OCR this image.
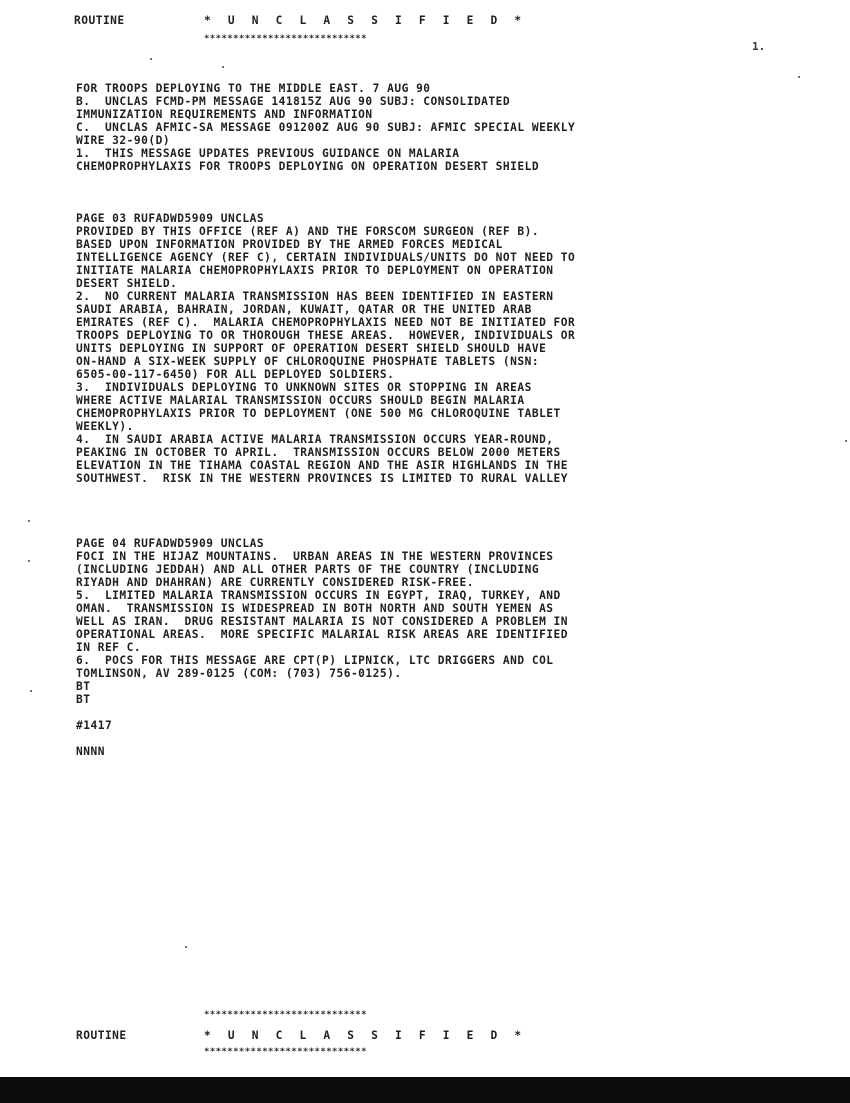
ROUTINE	* U N C L A S S I F I E D *
****************************
1.
FOR TROOPS DEPLOYING TO THE MIDDLE EAST. 7 AUG 90
B.  UNCLAS FCMD-PM MESSAGE 141815Z AUG 90 SUBJ: CONSOLIDATED
IMMUNIZATION REQUIREMENTS AND INFORMATION
C.  UNCLAS AFMIC-SA MESSAGE 091200Z AUG 90 SUBJ: AFMIC SPECIAL WEEKLY
WIRE 32-90(D)
1.  THIS MESSAGE UPDATES PREVIOUS GUIDANCE ON MALARIA
CHEMOPROPHYLAXIS FOR TROOPS DEPLOYING ON OPERATION DESERT SHIELD
PAGE 03 RUFADWD5909 UNCLAS
PROVIDED BY THIS OFFICE (REF A) AND THE FORSCOM SURGEON (REF B).
BASED UPON INFORMATION PROVIDED BY THE ARMED FORCES MEDICAL
INTELLIGENCE AGENCY (REF C), CERTAIN INDIVIDUALS/UNITS DO NOT NEED TO
INITIATE MALARIA CHEMOPROPHYLAXIS PRIOR TO DEPLOYMENT ON OPERATION
DESERT SHIELD.
2.  NO CURRENT MALARIA TRANSMISSION HAS BEEN IDENTIFIED IN EASTERN
SAUDI ARABIA, BAHRAIN, JORDAN, KUWAIT, QATAR OR THE UNITED ARAB
EMIRATES (REF C).  MALARIA CHEMOPROPHYLAXIS NEED NOT BE INITIATED FOR
TROOPS DEPLOYING TO OR THOROUGH THESE AREAS.  HOWEVER, INDIVIDUALS OR
UNITS DEPLOYING IN SUPPORT OF OPERATION DESERT SHIELD SHOULD HAVE
ON-HAND A SIX-WEEK SUPPLY OF CHLOROQUINE PHOSPHATE TABLETS (NSN:
6505-00-117-6450) FOR ALL DEPLOYED SOLDIERS.
3.  INDIVIDUALS DEPLOYING TO UNKNOWN SITES OR STOPPING IN AREAS
WHERE ACTIVE MALARIAL TRANSMISSION OCCURS SHOULD BEGIN MALARIA
CHEMOPROPHYLAXIS PRIOR TO DEPLOYMENT (ONE 500 MG CHLOROQUINE TABLET
WEEKLY).
4.  IN SAUDI ARABIA ACTIVE MALARIA TRANSMISSION OCCURS YEAR-ROUND,
PEAKING IN OCTOBER TO APRIL.  TRANSMISSION OCCURS BELOW 2000 METERS
ELEVATION IN THE TIHAMA COASTAL REGION AND THE ASIR HIGHLANDS IN THE
SOUTHWEST.  RISK IN THE WESTERN PROVINCES IS LIMITED TO RURAL VALLEY
PAGE 04 RUFADWD5909 UNCLAS
FOCI IN THE HIJAZ MOUNTAINS.  URBAN AREAS IN THE WESTERN PROVINCES
(INCLUDING JEDDAH) AND ALL OTHER PARTS OF THE COUNTRY (INCLUDING
RIYADH AND DHAHRAN) ARE CURRENTLY CONSIDERED RISK-FREE.
5.  LIMITED MALARIA TRANSMISSION OCCURS IN EGYPT, IRAQ, TURKEY, AND
OMAN.  TRANSMISSION IS WIDESPREAD IN BOTH NORTH AND SOUTH YEMEN AS
WELL AS IRAN.  DRUG RESISTANT MALARIA IS NOT CONSIDERED A PROBLEM IN
OPERATIONAL AREAS.  MORE SPECIFIC MALARIAL RISK AREAS ARE IDENTIFIED
IN REF C.
6.  POCS FOR THIS MESSAGE ARE CPT(P) LIPNICK, LTC DRIGGERS AND COL
TOMLINSON, AV 289-0125 (COM: (703) 756-0125).
BT
BT
#1417
NNNN
****************************
ROUTINE	* U N C L A S S I F I E D *
****************************
